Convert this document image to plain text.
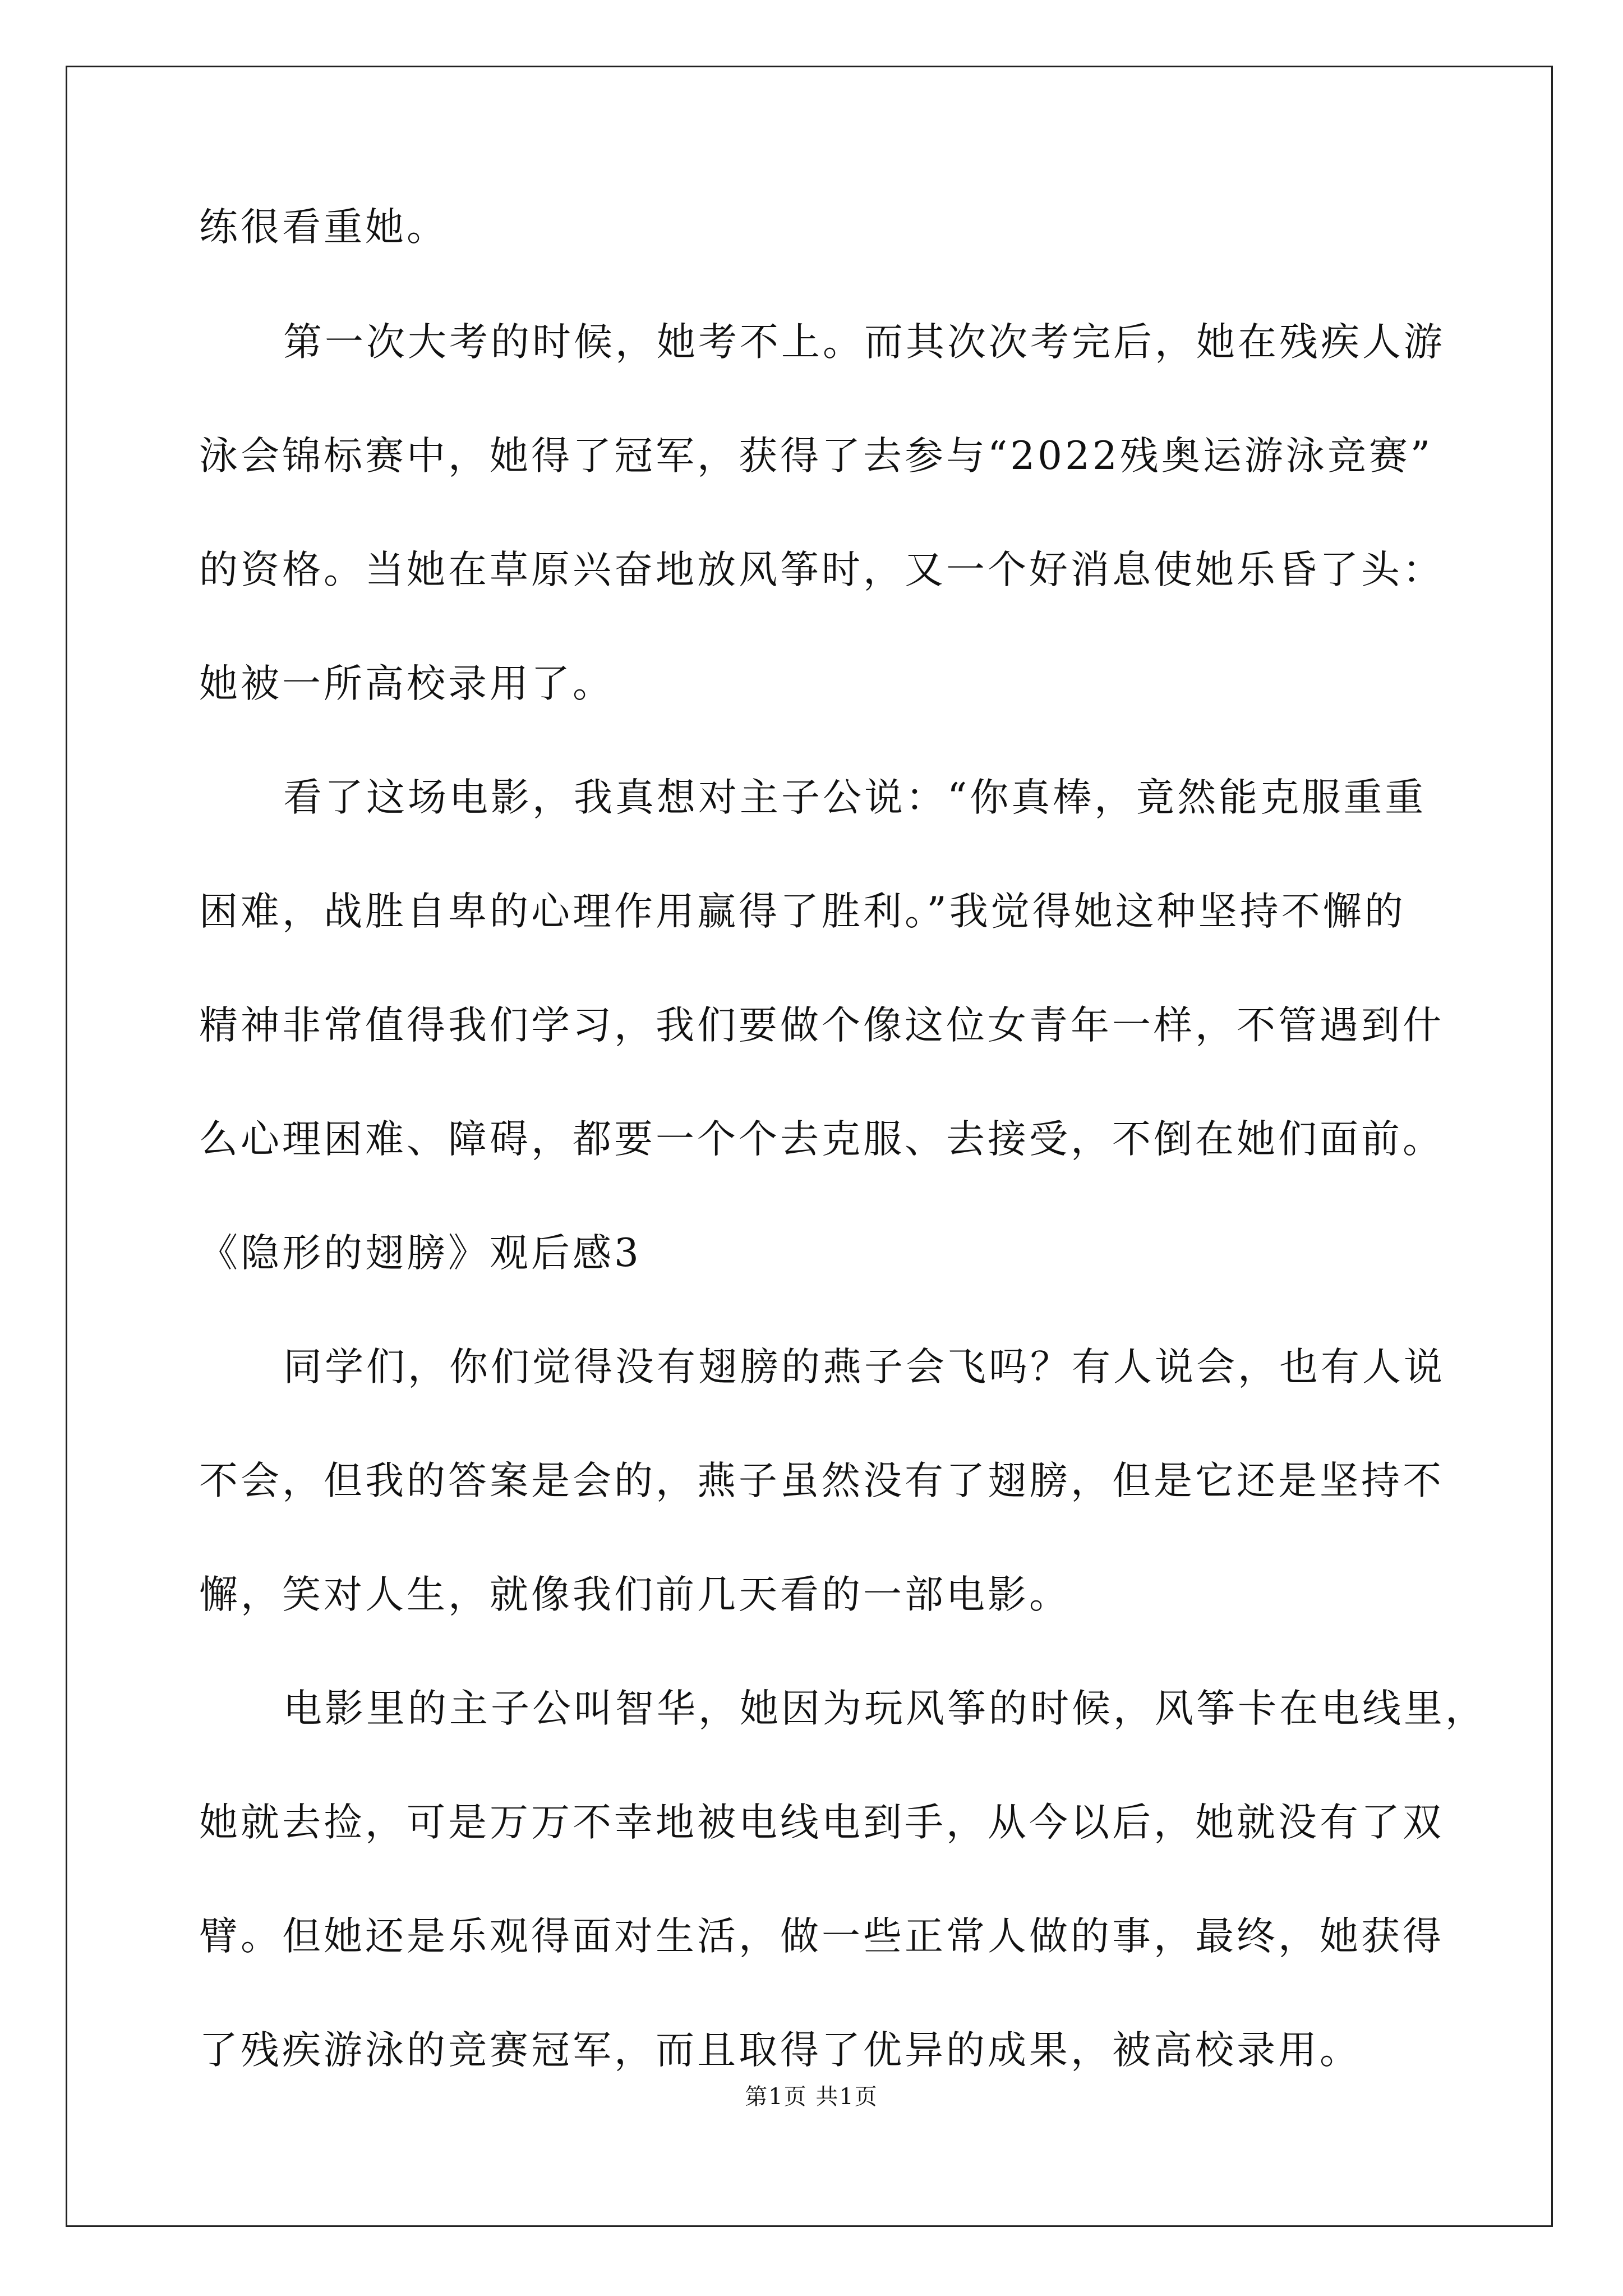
练很看重她。
第一次大考的时候，她考不上。而其次次考完后，她在残疾人游
泳会锦标赛中，她得了冠军，获得了去参与“2022残奥运游泳竞赛”
的资格。当她在草原兴奋地放风筝时，又一个好消息使她乐昏了头：
她被一所高校录用了。
看了这场电影，我真想对主子公说：“你真棒，竟然能克服重重
困难，战胜自卑的心理作用赢得了胜利。”我觉得她这种坚持不懈的
精神非常值得我们学习，我们要做个像这位女青年一样，不管遇到什
么心理困难、障碍，都要一个个去克服、去接受，不倒在她们面前。
《隐形的翅膀》观后感3
同学们，你们觉得没有翅膀的燕子会飞吗？有人说会，也有人说
不会，但我的答案是会的，燕子虽然没有了翅膀，但是它还是坚持不
懈，笑对人生，就像我们前几天看的一部电影。
电影里的主子公叫智华，她因为玩风筝的时候，风筝卡在电线里，
她就去捡，可是万万不幸地被电线电到手，从今以后，她就没有了双
臂。但她还是乐观得面对生活，做一些正常人做的事，最终，她获得
了残疾游泳的竞赛冠军，而且取得了优异的成果，被高校录用。
第1页 共1页
